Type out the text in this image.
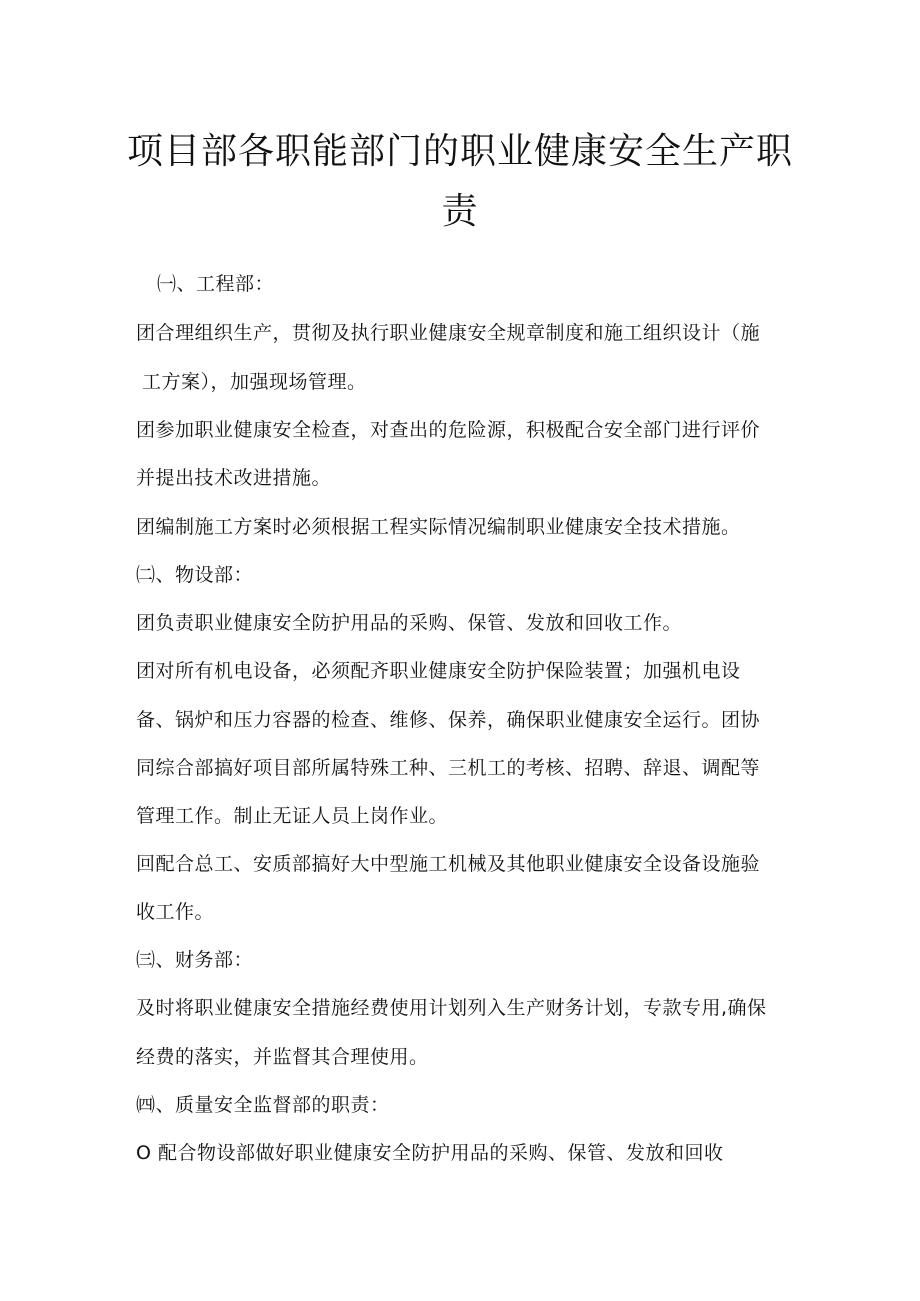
项目部各职能部门的职业健康安全生产职
责

㈠、工程部：

团合理组织生产，贯彻及执行职业健康安全规章制度和施工组织设计（施

工方案），加强现场管理。

团参加职业健康安全检查，对查出的危险源，积极配合安全部门进行评价

并提出技术改进措施。

团编制施工方案时必须根据工程实际情况编制职业健康安全技术措施。

㈡、物设部：

团负责职业健康安全防护用品的采购、保管、发放和回收工作。

团对所有机电设备，必须配齐职业健康安全防护保险装置；加强机电设

备、锅炉和压力容器的检查、维修、保养，确保职业健康安全运行。团协

同综合部搞好项目部所属特殊工种、三机工的考核、招聘、辞退、调配等

管理工作。制止无证人员上岗作业。

回配合总工、安质部搞好大中型施工机械及其他职业健康安全设备设施验

收工作。

㈢、财务部：

及时将职业健康安全措施经费使用计划列入生产财务计划，专款专用,确保

经费的落实，并监督其合理使用。

㈣、质量安全监督部的职责：

O 配合物设部做好职业健康安全防护用品的采购、保管、发放和回收
